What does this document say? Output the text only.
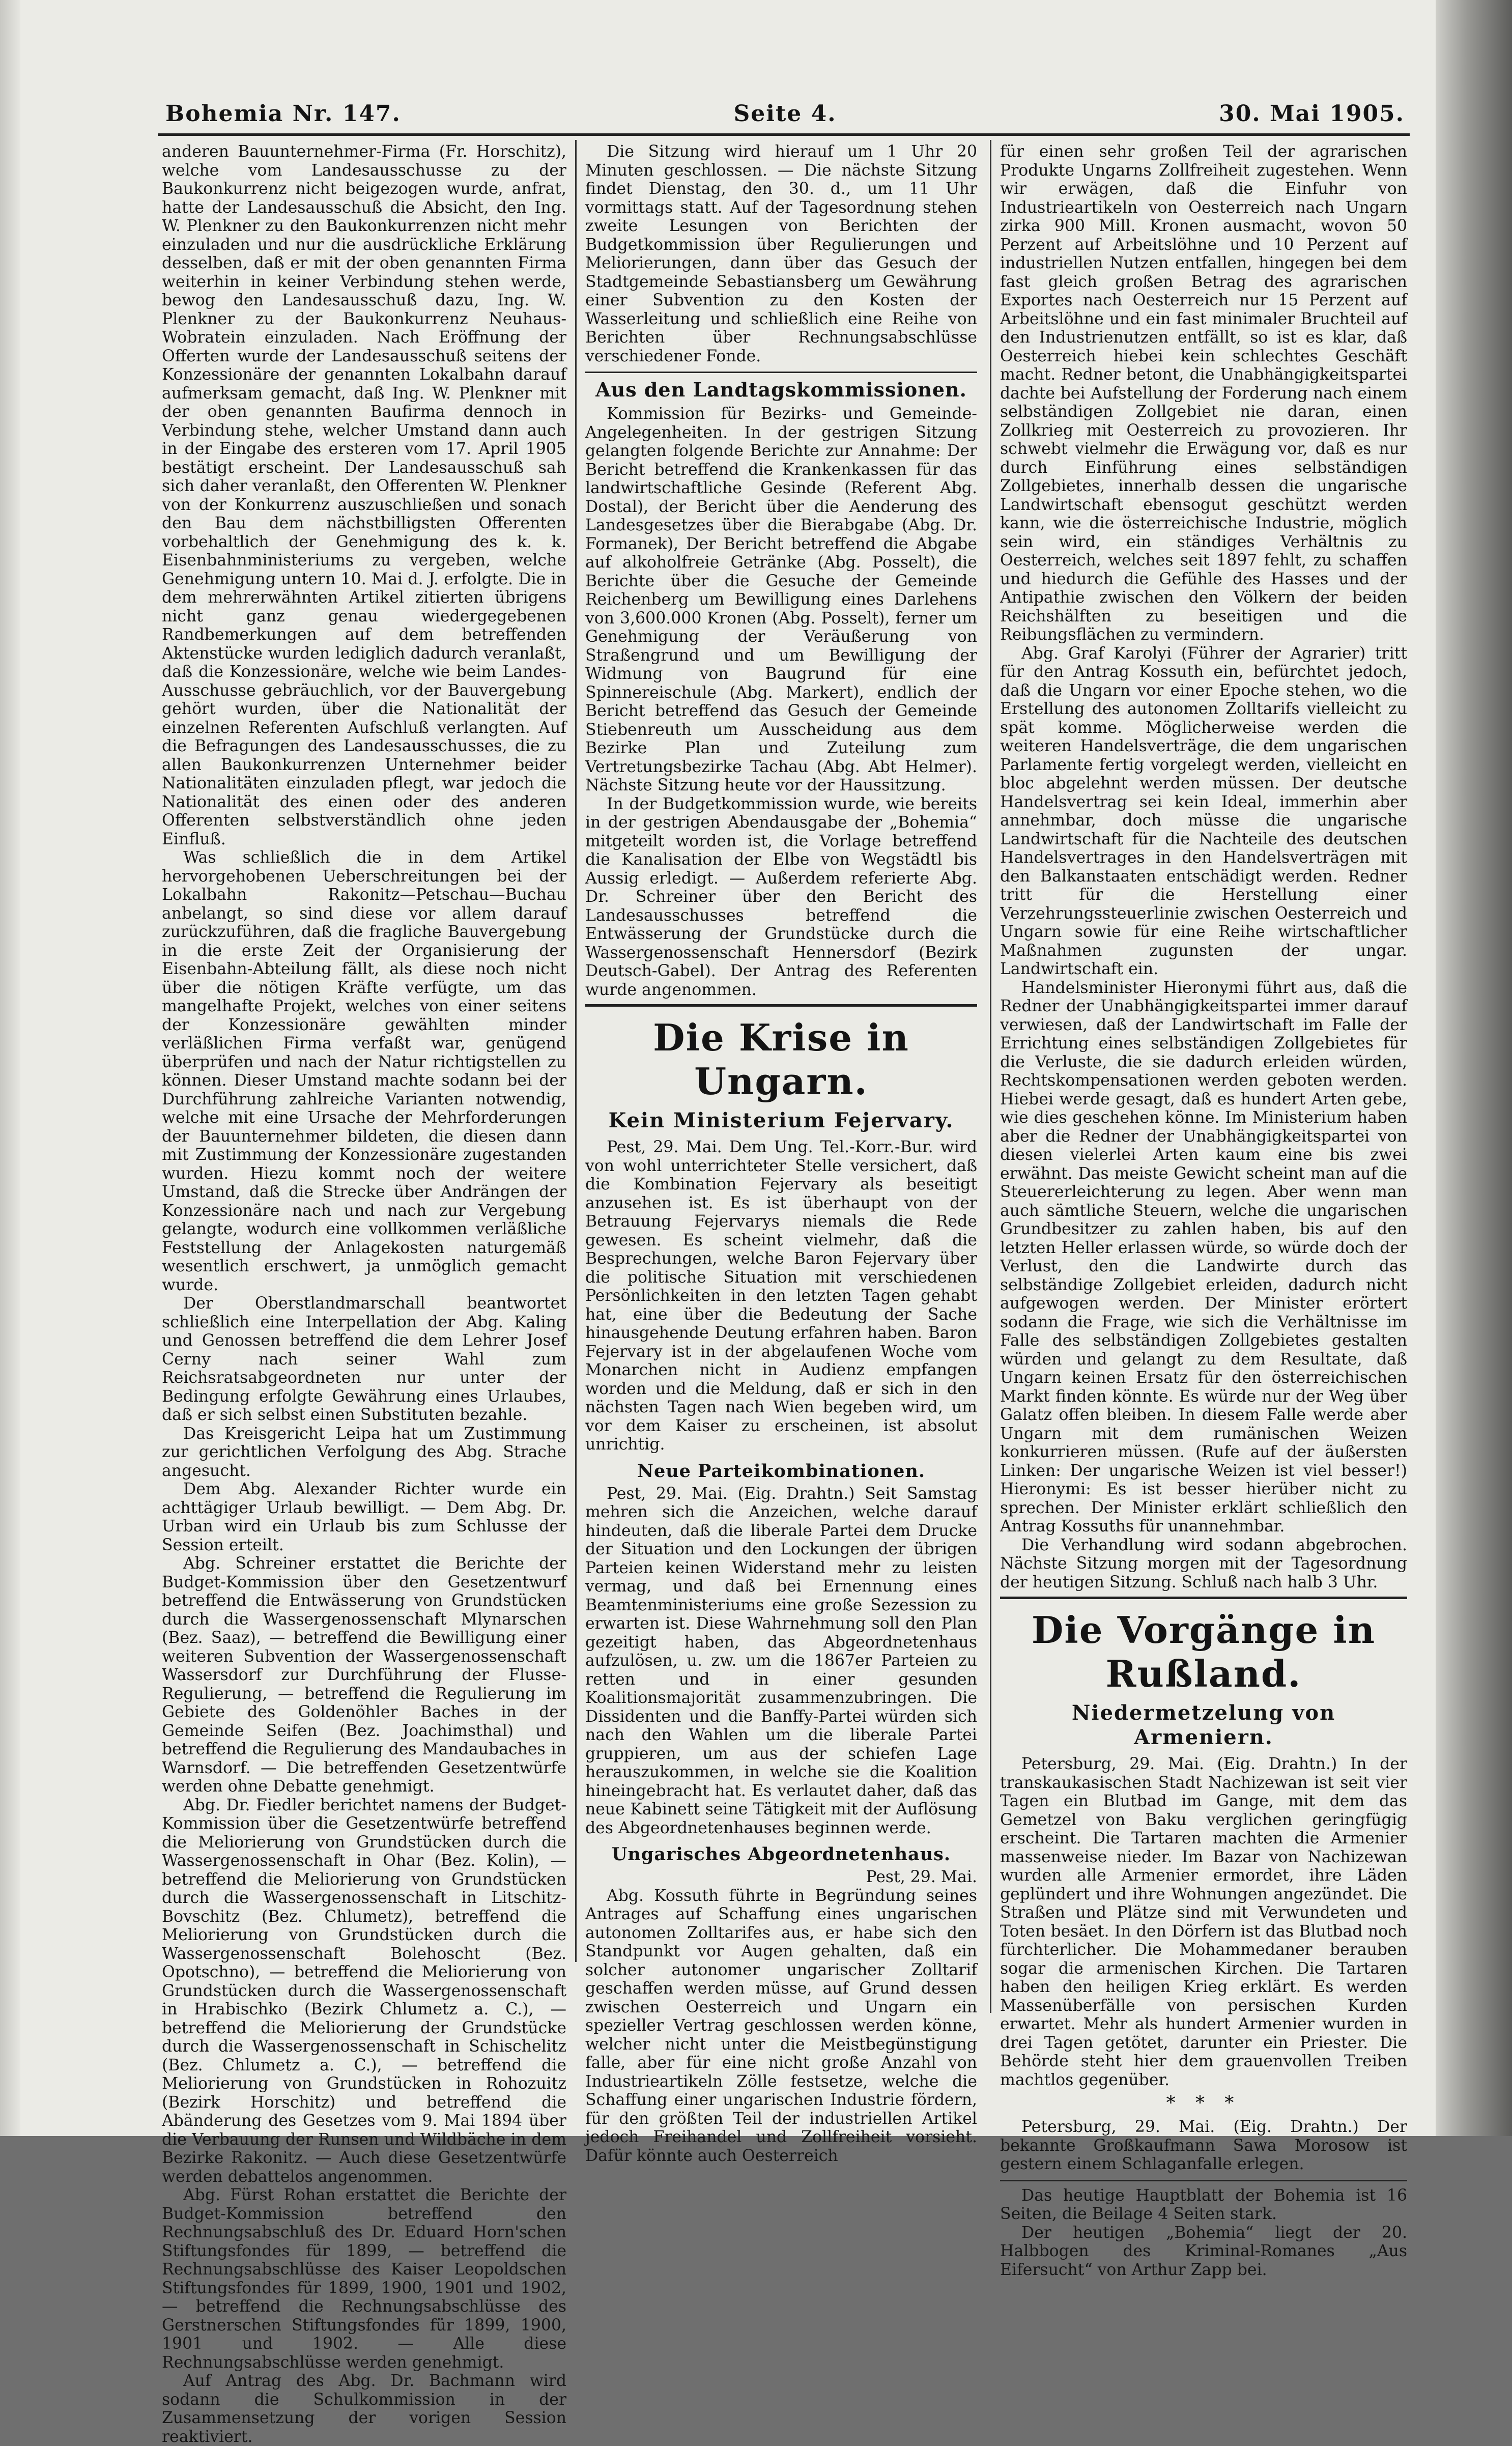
Bohemia Nr. 147.	Seite 4.	30. Mai 1905.

anderen Bauunternehmer-Firma (Fr. Horschitz), welche vom Landesausschusse zu der Baukonkurrenz nicht beigezogen wurde, anfrat, hatte der Landesausschuß die Absicht, den Ing. W. Plenkner zu den Baukonkurrenzen nicht mehr einzuladen und nur die ausdrückliche Erklärung desselben, daß er mit der oben genannten Firma weiterhin in keiner Verbindung stehen werde, bewog den Landesausschuß dazu, Ing. W. Plenkner zu der Baukonkurrenz Neuhaus-Wobratein einzuladen. Nach Eröffnung der Offerten wurde der Landesausschuß seitens der Konzessionäre der genannten Lokalbahn darauf aufmerksam gemacht, daß Ing. W. Plenkner mit der oben genannten Baufirma dennoch in Verbindung stehe, welcher Umstand dann auch in der Eingabe des ersteren vom 17. April 1905 bestätigt erscheint. Der Landesausschuß sah sich daher veranlaßt, den Offerenten W. Plenkner von der Konkurrenz auszuschließen und sonach den Bau dem nächstbilligsten Offerenten vorbehaltlich der Genehmigung des k. k. Eisenbahnministeriums zu vergeben, welche Genehmigung untern 10. Mai d. J. erfolgte. Die in dem mehrerwähnten Artikel zitierten übrigens nicht ganz genau wiedergegebenen Randbemerkungen auf dem betreffenden Aktenstücke wurden lediglich dadurch veranlaßt, daß die Konzessionäre, welche wie beim Landes-Ausschusse gebräuchlich, vor der Bauvergebung gehört wurden, über die Nationalität der einzelnen Referenten Aufschluß verlangten. Auf die Befragungen des Landesausschusses, die zu allen Baukonkurrenzen Unternehmer beider Nationalitäten einzuladen pflegt, war jedoch die Nationalität des einen oder des anderen Offerenten selbstverständlich ohne jeden Einfluß.

Was schließlich die in dem Artikel hervorgehobenen Ueberschreitungen bei der Lokalbahn Rakonitz—Petschau—Buchau anbelangt, so sind diese vor allem darauf zurückzuführen, daß die fragliche Bauvergebung in die erste Zeit der Organisierung der Eisenbahn-Abteilung fällt, als diese noch nicht über die nötigen Kräfte verfügte, um das mangelhafte Projekt, welches von einer seitens der Konzessionäre gewählten minder verläßlichen Firma verfaßt war, genügend überprüfen und nach der Natur richtigstellen zu können. Dieser Umstand machte sodann bei der Durchführung zahlreiche Varianten notwendig, welche mit eine Ursache der Mehrforderungen der Bauunternehmer bildeten, die diesen dann mit Zustimmung der Konzessionäre zugestanden wurden. Hiezu kommt noch der weitere Umstand, daß die Strecke über Andrängen der Konzessionäre nach und nach zur Vergebung gelangte, wodurch eine vollkommen verläßliche Feststellung der Anlagekosten naturgemäß wesentlich erschwert, ja unmöglich gemacht wurde.

Der Oberstlandmarschall beantwortet schließlich eine Interpellation der Abg. Kaling und Genossen betreffend die dem Lehrer Josef Cerny nach seiner Wahl zum Reichsratsabgeordneten nur unter der Bedingung erfolgte Gewährung eines Urlaubes, daß er sich selbst einen Substituten bezahle.

Das Kreisgericht Leipa hat um Zustimmung zur gerichtlichen Verfolgung des Abg. Strache angesucht.

Dem Abg. Alexander Richter wurde ein achttägiger Urlaub bewilligt. — Dem Abg. Dr. Urban wird ein Urlaub bis zum Schlusse der Session erteilt.

Abg. Schreiner erstattet die Berichte der Budget-Kommission über den Gesetzentwurf betreffend die Entwässerung von Grundstücken durch die Wassergenossenschaft Mlynarschen (Bez. Saaz), — betreffend die Bewilligung einer weiteren Subvention der Wassergenossenschaft Wassersdorf zur Durchführung der Flusse-Regulierung, — betreffend die Regulierung im Gebiete des Goldenöhler Baches in der Gemeinde Seifen (Bez. Joachimsthal) und betreffend die Regulierung des Mandaubaches in Warnsdorf. — Die betreffenden Gesetzentwürfe werden ohne Debatte genehmigt.

Abg. Dr. Fiedler berichtet namens der Budget-Kommission über die Gesetzentwürfe betreffend die Meliorierung von Grundstücken durch die Wassergenossenschaft in Ohar (Bez. Kolin), — betreffend die Meliorierung von Grundstücken durch die Wassergenossenschaft in Litschitz-Bovschitz (Bez. Chlumetz), betreffend die Meliorierung von Grundstücken durch die Wassergenossenschaft Bolehoscht (Bez. Opotschno), — betreffend die Meliorierung von Grundstücken durch die Wassergenossenschaft in Hrabischko (Bezirk Chlumetz a. C.), — betreffend die Meliorierung der Grundstücke durch die Wassergenossenschaft in Schischelitz (Bez. Chlumetz a. C.), — betreffend die Meliorierung von Grundstücken in Rohozuitz (Bezirk Horschitz) und betreffend die Abänderung des Gesetzes vom 9. Mai 1894 über die Verbauung der Runsen und Wildbäche in dem Bezirke Rakonitz. — Auch diese Gesetzentwürfe werden debattelos angenommen.

Abg. Fürst Rohan erstattet die Berichte der Budget-Kommission betreffend den Rechnungsabschluß des Dr. Eduard Horn'schen Stiftungsfondes für 1899, — betreffend die Rechnungsabschlüsse des Kaiser Leopoldschen Stiftungsfondes für 1899, 1900, 1901 und 1902, — betreffend die Rechnungsabschlüsse des Gerstnerschen Stiftungsfondes für 1899, 1900, 1901 und 1902. — Alle diese Rechnungsabschlüsse werden genehmigt.

Auf Antrag des Abg. Dr. Bachmann wird sodann die Schulkommission in der Zusammensetzung der vorigen Session reaktiviert.

Die Sitzung wird hierauf um 1 Uhr 20 Minuten geschlossen. — Die nächste Sitzung findet Dienstag, den 30. d., um 11 Uhr vormittags statt. Auf der Tagesordnung stehen zweite Lesungen von Berichten der Budgetkommission über Regulierungen und Meliorierungen, dann über das Gesuch der Stadtgemeinde Sebastiansberg um Gewährung einer Subvention zu den Kosten der Wasserleitung und schließlich eine Reihe von Berichten über Rechnungsabschlüsse verschiedener Fonde.

Aus den Landtagskommissionen.

Kommission für Bezirks- und Gemeinde-Angelegenheiten. In der gestrigen Sitzung gelangten folgende Berichte zur Annahme: Der Bericht betreffend die Krankenkassen für das landwirtschaftliche Gesinde (Referent Abg. Dostal), der Bericht über die Aenderung des Landesgesetzes über die Bierabgabe (Abg. Dr. Formanek), Der Bericht betreffend die Abgabe auf alkoholfreie Getränke (Abg. Posselt), die Berichte über die Gesuche der Gemeinde Reichenberg um Bewilligung eines Darlehens von 3,600.000 Kronen (Abg. Posselt), ferner um Genehmigung der Veräußerung von Straßengrund und um Bewilligung der Widmung von Baugrund für eine Spinnereischule (Abg. Markert), endlich der Bericht betreffend das Gesuch der Gemeinde Stiebenreuth um Ausscheidung aus dem Bezirke Plan und Zuteilung zum Vertretungsbezirke Tachau (Abg. Abt Helmer). Nächste Sitzung heute vor der Haussitzung.

In der Budgetkommission wurde, wie bereits in der gestrigen Abendausgabe der „Bohemia“ mitgeteilt worden ist, die Vorlage betreffend die Kanalisation der Elbe von Wegstädtl bis Aussig erledigt. — Außerdem referierte Abg. Dr. Schreiner über den Bericht des Landesausschusses betreffend die Entwässerung der Grundstücke durch die Wassergenossenschaft Hennersdorf (Bezirk Deutsch-Gabel). Der Antrag des Referenten wurde angenommen.

Die Krise in Ungarn.
Kein Ministerium Fejervary.

Pest, 29. Mai. Dem Ung. Tel.-Korr.-Bur. wird von wohl unterrichteter Stelle versichert, daß die Kombination Fejervary als beseitigt anzusehen ist. Es ist überhaupt von der Betrauung Fejervarys niemals die Rede gewesen. Es scheint vielmehr, daß die Besprechungen, welche Baron Fejervary über die politische Situation mit verschiedenen Persönlichkeiten in den letzten Tagen gehabt hat, eine über die Bedeutung der Sache hinausgehende Deutung erfahren haben. Baron Fejervary ist in der abgelaufenen Woche vom Monarchen nicht in Audienz empfangen worden und die Meldung, daß er sich in den nächsten Tagen nach Wien begeben wird, um vor dem Kaiser zu erscheinen, ist absolut unrichtig.

Neue Parteikombinationen.

Pest, 29. Mai. (Eig. Drahtn.) Seit Samstag mehren sich die Anzeichen, welche darauf hindeuten, daß die liberale Partei dem Drucke der Situation und den Lockungen der übrigen Parteien keinen Widerstand mehr zu leisten vermag, und daß bei Ernennung eines Beamtenministeriums eine große Sezession zu erwarten ist. Diese Wahrnehmung soll den Plan gezeitigt haben, das Abgeordnetenhaus aufzulösen, u. zw. um die 1867er Parteien zu retten und in einer gesunden Koalitionsmajorität zusammenzubringen. Die Dissidenten und die Banffy-Partei würden sich nach den Wahlen um die liberale Partei gruppieren, um aus der schiefen Lage herauszukommen, in welche sie die Koalition hineingebracht hat. Es verlautet daher, daß das neue Kabinett seine Tätigkeit mit der Auflösung des Abgeordnetenhauses beginnen werde.

Ungarisches Abgeordnetenhaus.
Pest, 29. Mai.

Abg. Kossuth führte in Begründung seines Antrages auf Schaffung eines ungarischen autonomen Zolltarifes aus, er habe sich den Standpunkt vor Augen gehalten, daß ein solcher autonomer ungarischer Zolltarif geschaffen werden müsse, auf Grund dessen zwischen Oesterreich und Ungarn ein spezieller Vertrag geschlossen werden könne, welcher nicht unter die Meistbegünstigung falle, aber für eine nicht große Anzahl von Industrieartikeln Zölle festsetze, welche die Schaffung einer ungarischen Industrie fördern, für den größten Teil der industriellen Artikel jedoch Freihandel und Zollfreiheit vorsieht. Dafür könnte auch Oesterreich

für einen sehr großen Teil der agrarischen Produkte Ungarns Zollfreiheit zugestehen. Wenn wir erwägen, daß die Einfuhr von Industrieartikeln von Oesterreich nach Ungarn zirka 900 Mill. Kronen ausmacht, wovon 50 Perzent auf Arbeitslöhne und 10 Perzent auf industriellen Nutzen entfallen, hingegen bei dem fast gleich großen Betrag des agrarischen Exportes nach Oesterreich nur 15 Perzent auf Arbeitslöhne und ein fast minimaler Bruchteil auf den Industrienutzen entfällt, so ist es klar, daß Oesterreich hiebei kein schlechtes Geschäft macht. Redner betont, die Unabhängigkeitspartei dachte bei Aufstellung der Forderung nach einem selbständigen Zollgebiet nie daran, einen Zollkrieg mit Oesterreich zu provozieren. Ihr schwebt vielmehr die Erwägung vor, daß es nur durch Einführung eines selbständigen Zollgebietes, innerhalb dessen die ungarische Landwirtschaft ebensogut geschützt werden kann, wie die österreichische Industrie, möglich sein wird, ein ständiges Verhältnis zu Oesterreich, welches seit 1897 fehlt, zu schaffen und hiedurch die Gefühle des Hasses und der Antipathie zwischen den Völkern der beiden Reichshälften zu beseitigen und die Reibungsflächen zu vermindern.

Abg. Graf Karolyi (Führer der Agrarier) tritt für den Antrag Kossuth ein, befürchtet jedoch, daß die Ungarn vor einer Epoche stehen, wo die Erstellung des autonomen Zolltarifs vielleicht zu spät komme. Möglicherweise werden die weiteren Handelsverträge, die dem ungarischen Parlamente fertig vorgelegt werden, vielleicht en bloc abgelehnt werden müssen. Der deutsche Handelsvertrag sei kein Ideal, immerhin aber annehmbar, doch müsse die ungarische Landwirtschaft für die Nachteile des deutschen Handelsvertrages in den Handelsverträgen mit den Balkanstaaten entschädigt werden. Redner tritt für die Herstellung einer Verzehrungssteuerlinie zwischen Oesterreich und Ungarn sowie für eine Reihe wirtschaftlicher Maßnahmen zugunsten der ungar. Landwirtschaft ein.

Handelsminister Hieronymi führt aus, daß die Redner der Unabhängigkeitspartei immer darauf verwiesen, daß der Landwirtschaft im Falle der Errichtung eines selbständigen Zollgebietes für die Verluste, die sie dadurch erleiden würden, Rechtskompensationen werden geboten werden. Hiebei werde gesagt, daß es hundert Arten gebe, wie dies geschehen könne. Im Ministerium haben aber die Redner der Unabhängigkeitspartei von diesen vielerlei Arten kaum eine bis zwei erwähnt. Das meiste Gewicht scheint man auf die Steuererleichterung zu legen. Aber wenn man auch sämtliche Steuern, welche die ungarischen Grundbesitzer zu zahlen haben, bis auf den letzten Heller erlassen würde, so würde doch der Verlust, den die Landwirte durch das selbständige Zollgebiet erleiden, dadurch nicht aufgewogen werden. Der Minister erörtert sodann die Frage, wie sich die Verhältnisse im Falle des selbständigen Zollgebietes gestalten würden und gelangt zu dem Resultate, daß Ungarn keinen Ersatz für den österreichischen Markt finden könnte. Es würde nur der Weg über Galatz offen bleiben. In diesem Falle werde aber Ungarn mit dem rumänischen Weizen konkurrieren müssen. (Rufe auf der äußersten Linken: Der ungarische Weizen ist viel besser!) Hieronymi: Es ist besser hierüber nicht zu sprechen. Der Minister erklärt schließlich den Antrag Kossuths für unannehmbar.

Die Verhandlung wird sodann abgebrochen. Nächste Sitzung morgen mit der Tagesordnung der heutigen Sitzung. Schluß nach halb 3 Uhr.

Die Vorgänge in Rußland.
Niedermetzelung von Armeniern.

Petersburg, 29. Mai. (Eig. Drahtn.) In der transkaukasischen Stadt Nachizewan ist seit vier Tagen ein Blutbad im Gange, mit dem das Gemetzel von Baku verglichen geringfügig erscheint. Die Tartaren machten die Armenier massenweise nieder. Im Bazar von Nachizewan wurden alle Armenier ermordet, ihre Läden geplündert und ihre Wohnungen angezündet. Die Straßen und Plätze sind mit Verwundeten und Toten besäet. In den Dörfern ist das Blutbad noch fürchterlicher. Die Mohammedaner berauben sogar die armenischen Kirchen. Die Tartaren haben den heiligen Krieg erklärt. Es werden Massenüberfälle von persischen Kurden erwartet. Mehr als hundert Armenier wurden in drei Tagen getötet, darunter ein Priester. Die Behörde steht hier dem grauenvollen Treiben machtlos gegenüber.

* * *

Petersburg, 29. Mai. (Eig. Drahtn.) Der bekannte Großkaufmann Sawa Morosow ist gestern einem Schlaganfalle erlegen.

Das heutige Hauptblatt der Bohemia ist 16 Seiten, die Beilage 4 Seiten stark.

Der heutigen „Bohemia“ liegt der 20. Halbbogen des Kriminal-Romanes „Aus Eifersucht“ von Arthur Zapp bei.
